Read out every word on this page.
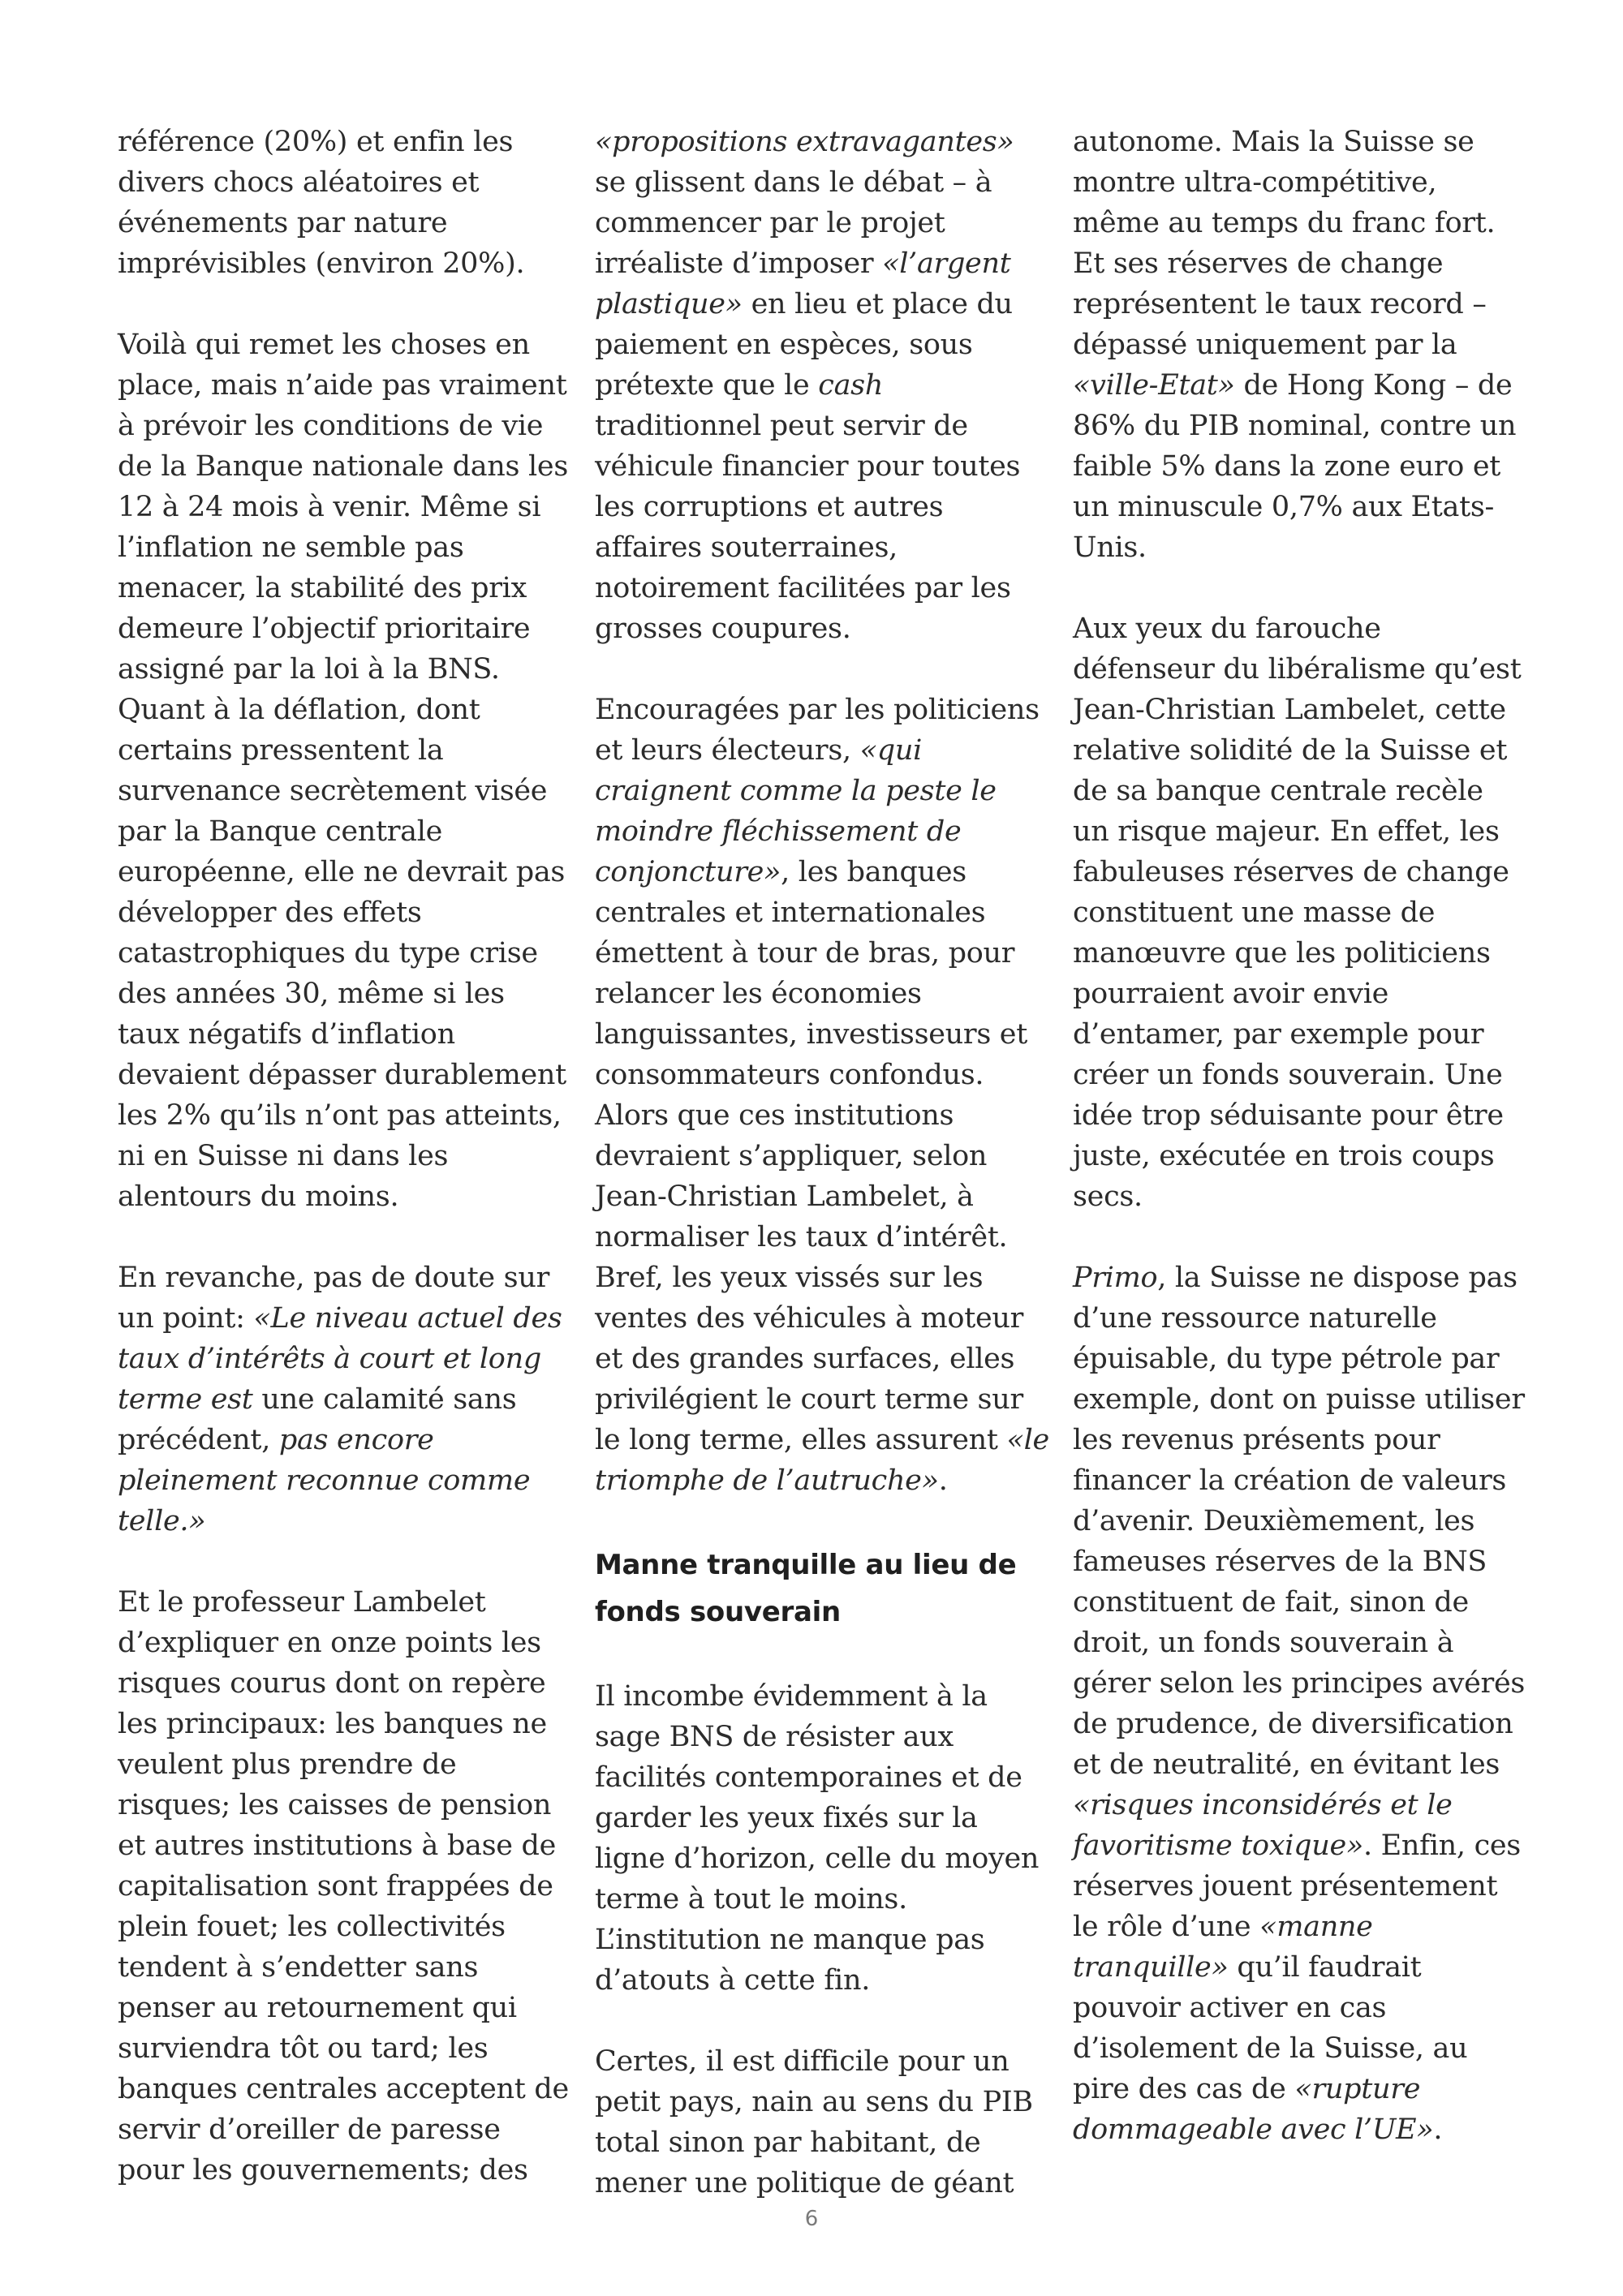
référence (20%) et enfin les divers chocs aléatoires et événements par nature imprévisibles (environ 20%).

Voilà qui remet les choses en place, mais n’aide pas vraiment à prévoir les conditions de vie de la Banque nationale dans les 12 à 24 mois à venir. Même si l’inflation ne semble pas menacer, la stabilité des prix demeure l’objectif prioritaire assigné par la loi à la BNS. Quant à la déflation, dont certains pressentent la survenance secrètement visée par la Banque centrale européenne, elle ne devrait pas développer des effets catastrophiques du type crise des années 30, même si les taux négatifs d’inflation devaient dépasser durablement les 2% qu’ils n’ont pas atteints, ni en Suisse ni dans les alentours du moins.

En revanche, pas de doute sur un point: «Le niveau actuel des taux d’intérêts à court et long terme est une calamité sans précédent, pas encore pleinement reconnue comme telle.»

Et le professeur Lambelet d’expliquer en onze points les risques courus dont on repère les principaux: les banques ne veulent plus prendre de risques; les caisses de pension et autres institutions à base de capitalisation sont frappées de plein fouet; les collectivités tendent à s’endetter sans penser au retournement qui surviendra tôt ou tard; les banques centrales acceptent de servir d’oreiller de paresse pour les gouvernements; des

«propositions extravagantes» se glissent dans le débat – à commencer par le projet irréaliste d’imposer «l’argent plastique» en lieu et place du paiement en espèces, sous prétexte que le cash traditionnel peut servir de véhicule financier pour toutes les corruptions et autres affaires souterraines, notoirement facilitées par les grosses coupures.

Encouragées par les politiciens et leurs électeurs, «qui craignent comme la peste le moindre fléchissement de conjoncture», les banques centrales et internationales émettent à tour de bras, pour relancer les économies languissantes, investisseurs et consommateurs confondus. Alors que ces institutions devraient s’appliquer, selon Jean-Christian Lambelet, à normaliser les taux d’intérêt. Bref, les yeux vissés sur les ventes des véhicules à moteur et des grandes surfaces, elles privilégient le court terme sur le long terme, elles assurent «le triomphe de l’autruche».

Manne tranquille au lieu de fonds souverain

Il incombe évidemment à la sage BNS de résister aux facilités contemporaines et de garder les yeux fixés sur la ligne d’horizon, celle du moyen terme à tout le moins. L’institution ne manque pas d’atouts à cette fin.

Certes, il est difficile pour un petit pays, nain au sens du PIB total sinon par habitant, de mener une politique de géant

autonome. Mais la Suisse se montre ultra-compétitive, même au temps du franc fort. Et ses réserves de change représentent le taux record – dépassé uniquement par la «ville-Etat» de Hong Kong – de 86% du PIB nominal, contre un faible 5% dans la zone euro et un minuscule 0,7% aux Etats-Unis.

Aux yeux du farouche défenseur du libéralisme qu’est Jean-Christian Lambelet, cette relative solidité de la Suisse et de sa banque centrale recèle un risque majeur. En effet, les fabuleuses réserves de change constituent une masse de manœuvre que les politiciens pourraient avoir envie d’entamer, par exemple pour créer un fonds souverain. Une idée trop séduisante pour être juste, exécutée en trois coups secs.

Primo, la Suisse ne dispose pas d’une ressource naturelle épuisable, du type pétrole par exemple, dont on puisse utiliser les revenus présents pour financer la création de valeurs d’avenir. Deuxièmement, les fameuses réserves de la BNS constituent de fait, sinon de droit, un fonds souverain à gérer selon les principes avérés de prudence, de diversification et de neutralité, en évitant les «risques inconsidérés et le favoritisme toxique». Enfin, ces réserves jouent présentement le rôle d’une «manne tranquille» qu’il faudrait pouvoir activer en cas d’isolement de la Suisse, au pire des cas de «rupture dommageable avec l’UE».

6
